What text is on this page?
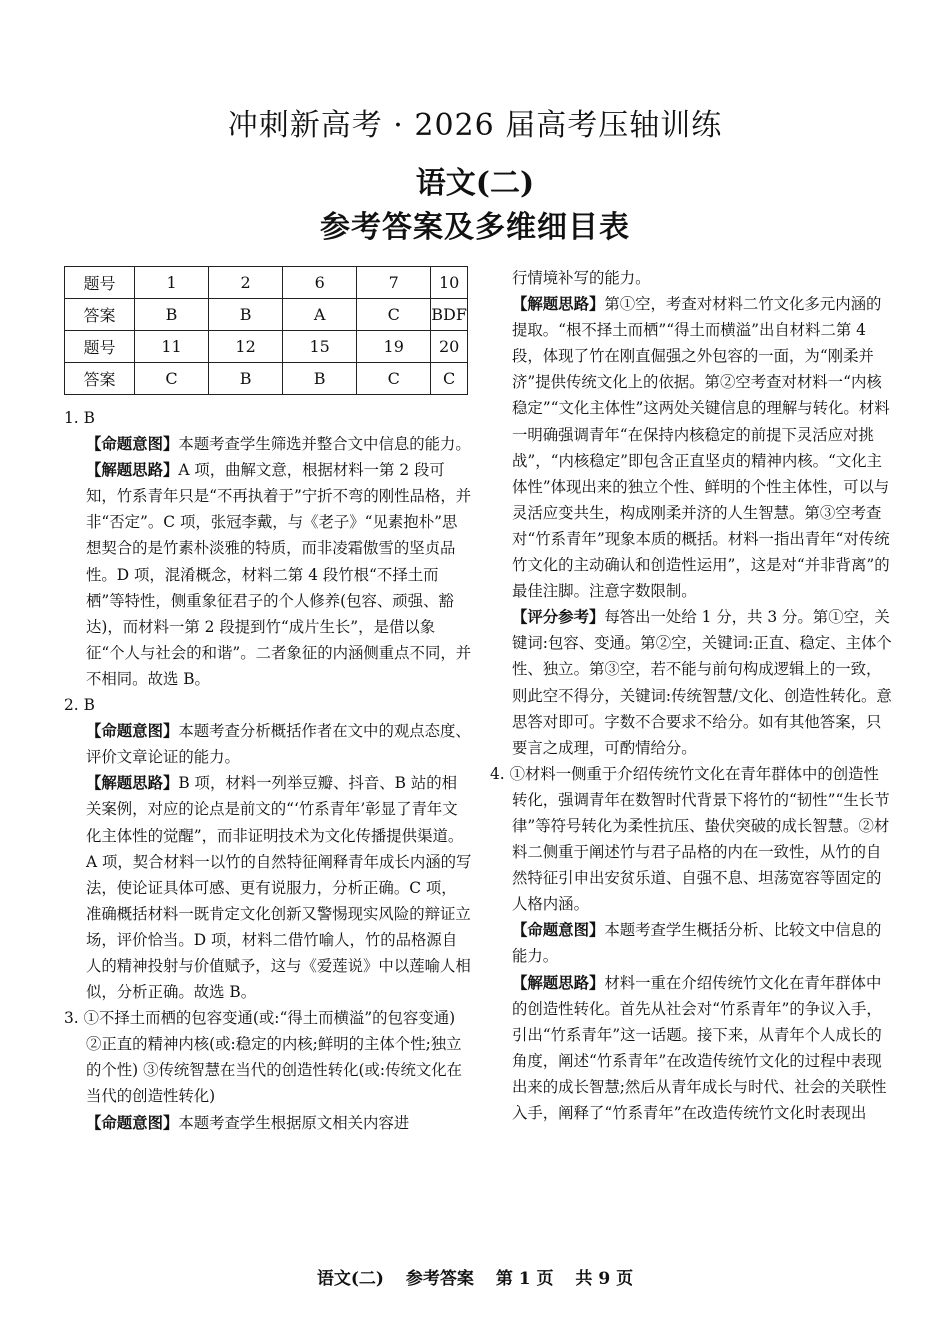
冲刺新高考 · 2026 届高考压轴训练
语文(二)
参考答案及多维细目表
题号	1	2	6	7	10
答案	B	B	A	C	BDF
题号	11	12	15	19	20
答案	C	B	B	C	C

1. B

【命题意图】本题考查学生筛选并整合文中信息的能力。

【解题思路】A 项，曲解文意，根据材料一第 2 段可知，竹系青年只是“不再执着于”宁折不弯的刚性品格，并非“否定”。C 项，张冠李戴，与《老子》“见素抱朴”思想契合的是竹素朴淡雅的特质，而非凌霜傲雪的坚贞品性。D 项，混淆概念，材料二第 4 段竹根“不择土而栖”等特性，侧重象征君子的个人修养(包容、顽强、豁达)，而材料一第 2 段提到竹“成片生长”，是借以象征“个人与社会的和谐”。二者象征的内涵侧重点不同，并不相同。故选 B。

2. B

【命题意图】本题考查分析概括作者在文中的观点态度、评价文章论证的能力。

【解题思路】B 项，材料一列举豆瓣、抖音、B 站的相关案例，对应的论点是前文的“‘竹系青年’彰显了青年文化主体性的觉醒”，而非证明技术为文化传播提供渠道。A 项，契合材料一以竹的自然特征阐释青年成长内涵的写法，使论证具体可感、更有说服力，分析正确。C 项，准确概括材料一既肯定文化创新又警惕现实风险的辩证立场，评价恰当。D 项，材料二借竹喻人，竹的品格源自人的精神投射与价值赋予，这与《爱莲说》中以莲喻人相似，分析正确。故选 B。

3. ①不择土而栖的包容变通(或:“得土而横溢”的包容变通) ②正直的精神内核(或:稳定的内核;鲜明的主体个性;独立的个性) ③传统智慧在当代的创造性转化(或:传统文化在当代的创造性转化)

【命题意图】本题考查学生根据原文相关内容进

行情境补写的能力。

【解题思路】第①空，考查对材料二竹文化多元内涵的提取。“根不择土而栖”“得土而横溢”出自材料二第 4 段，体现了竹在刚直倔强之外包容的一面，为“刚柔并济”提供传统文化上的依据。第②空考查对材料一“内核稳定”“文化主体性”这两处关键信息的理解与转化。材料一明确强调青年“在保持内核稳定的前提下灵活应对挑战”，“内核稳定”即包含正直坚贞的精神内核。“文化主体性”体现出来的独立个性、鲜明的个性主体性，可以与灵活应变共生，构成刚柔并济的人生智慧。第③空考查对“竹系青年”现象本质的概括。材料一指出青年“对传统竹文化的主动确认和创造性运用”，这是对“并非背离”的最佳注脚。注意字数限制。

【评分参考】每答出一处给 1 分，共 3 分。第①空，关键词:包容、变通。第②空，关键词:正直、稳定、主体个性、独立。第③空，若不能与前句构成逻辑上的一致，则此空不得分，关键词:传统智慧/文化、创造性转化。意思答对即可。字数不合要求不给分。如有其他答案，只要言之成理，可酌情给分。

4. ①材料一侧重于介绍传统竹文化在青年群体中的创造性转化，强调青年在数智时代背景下将竹的“韧性”“生长节律”等符号转化为柔性抗压、蛰伏突破的成长智慧。②材料二侧重于阐述竹与君子品格的内在一致性，从竹的自然特征引申出安贫乐道、自强不息、坦荡宽容等固定的人格内涵。

【命题意图】本题考查学生概括分析、比较文中信息的能力。

【解题思路】材料一重在介绍传统竹文化在青年群体中的创造性转化。首先从社会对“竹系青年”的争议入手，引出“竹系青年”这一话题。接下来，从青年个人成长的角度，阐述“竹系青年”在改造传统竹文化的过程中表现出来的成长智慧;然后从青年成长与时代、社会的关联性入手，阐释了“竹系青年”在改造传统竹文化时表现出

语文(二) 参考答案 第 1 页 共 9 页
